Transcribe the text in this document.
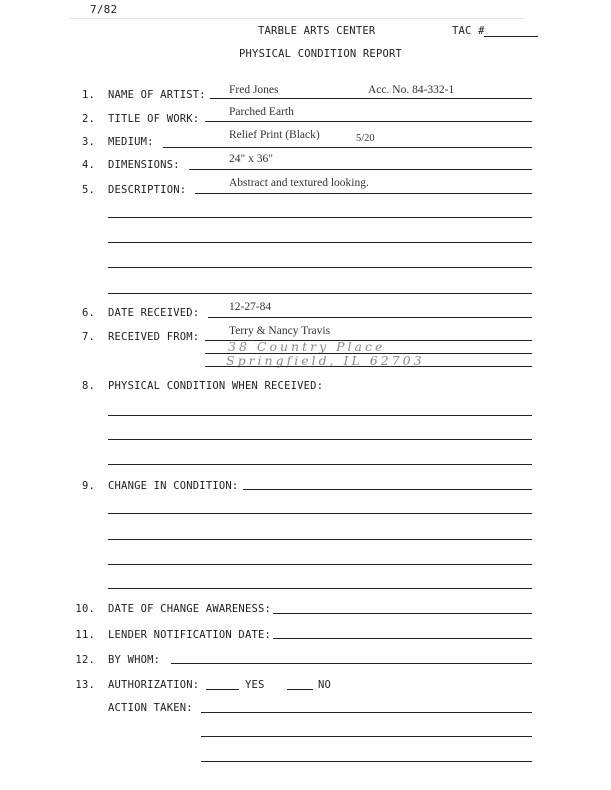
7/82
TARBLE ARTS CENTER	TAC #
PHYSICAL CONDITION REPORT
1. NAME OF ARTIST: Fred Jones	Acc. No. 84-332-1
2. TITLE OF WORK:
Parched Earth
3. MEDIUM:
Relief Print (Black)	5/20
4. DIMENSIONS:	24" x 36"
5. DESCRIPTION:
Abstract and textured looking.
6. DATE RECEIVED:	12-27-84
7. RECEIVED FROM:	Terry & Nancy Travis
38 Country Place
Springfield, IL 62703
8. PHYSICAL CONDITION WHEN RECEIVED:
9. CHANGE IN CONDITION:
10. DATE OF CHANGE AWARENESS:
11. LENDER NOTIFICATION DATE:
12. BY WHOM:
13. AUTHORIZATION:	YES	NO
ACTION TAKEN:
